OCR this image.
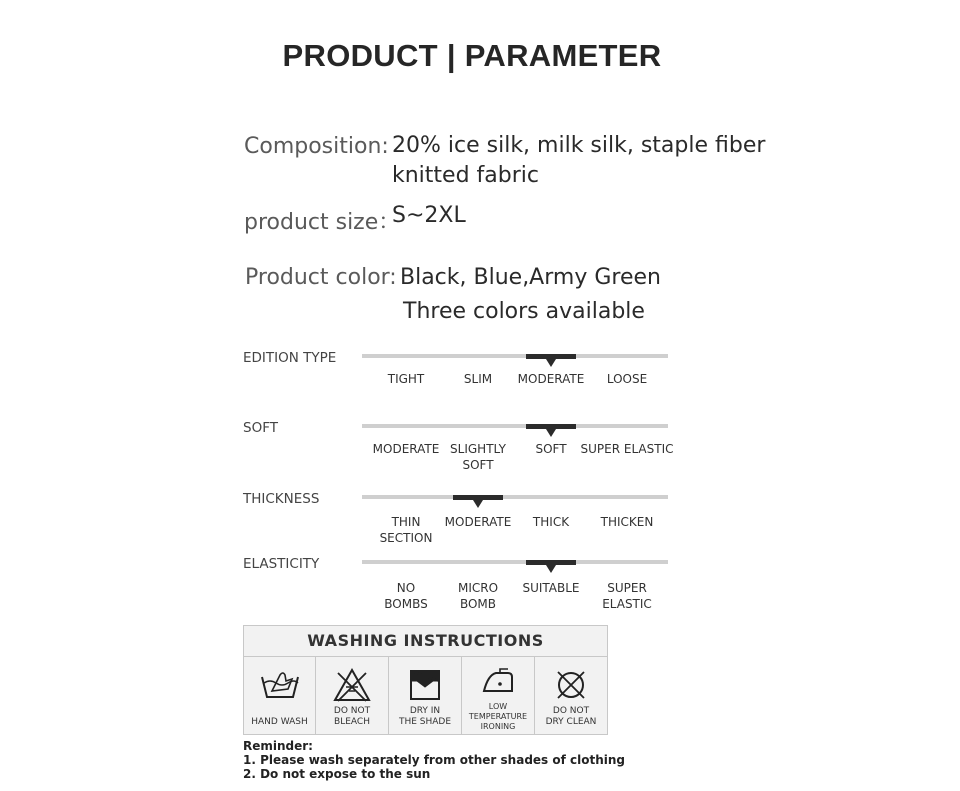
PRODUCT | PARAMETER
Composition: 20% ice silk, milk silk, staple fiber
knitted fabric
product size：
S~2XL
Product color: Black, Blue,Army Green
Three colors available
EDITION TYPE
TIGHT	SLIM	MODERATE	LOOSE
SOFT
MODERATE SLIGHTLY
SOFT
SOFT	SUPER ELASTIC
THICKNESS
THIN
SECTION
MODERATE	THICK	THICKEN
ELASTICITY
NO
BOMBS
MICRO
BOMB
SUITABLE	SUPER
ELASTIC
WASHING INSTRUCTIONS
HAND WASH
DO NOT
BLEACH
DRY IN
THE SHADE
LOW
TEMPERATURE
IRONING
DO NOT
DRY CLEAN
Reminder:
1. Please wash separately from other shades of clothing
2. Do not expose to the sun
